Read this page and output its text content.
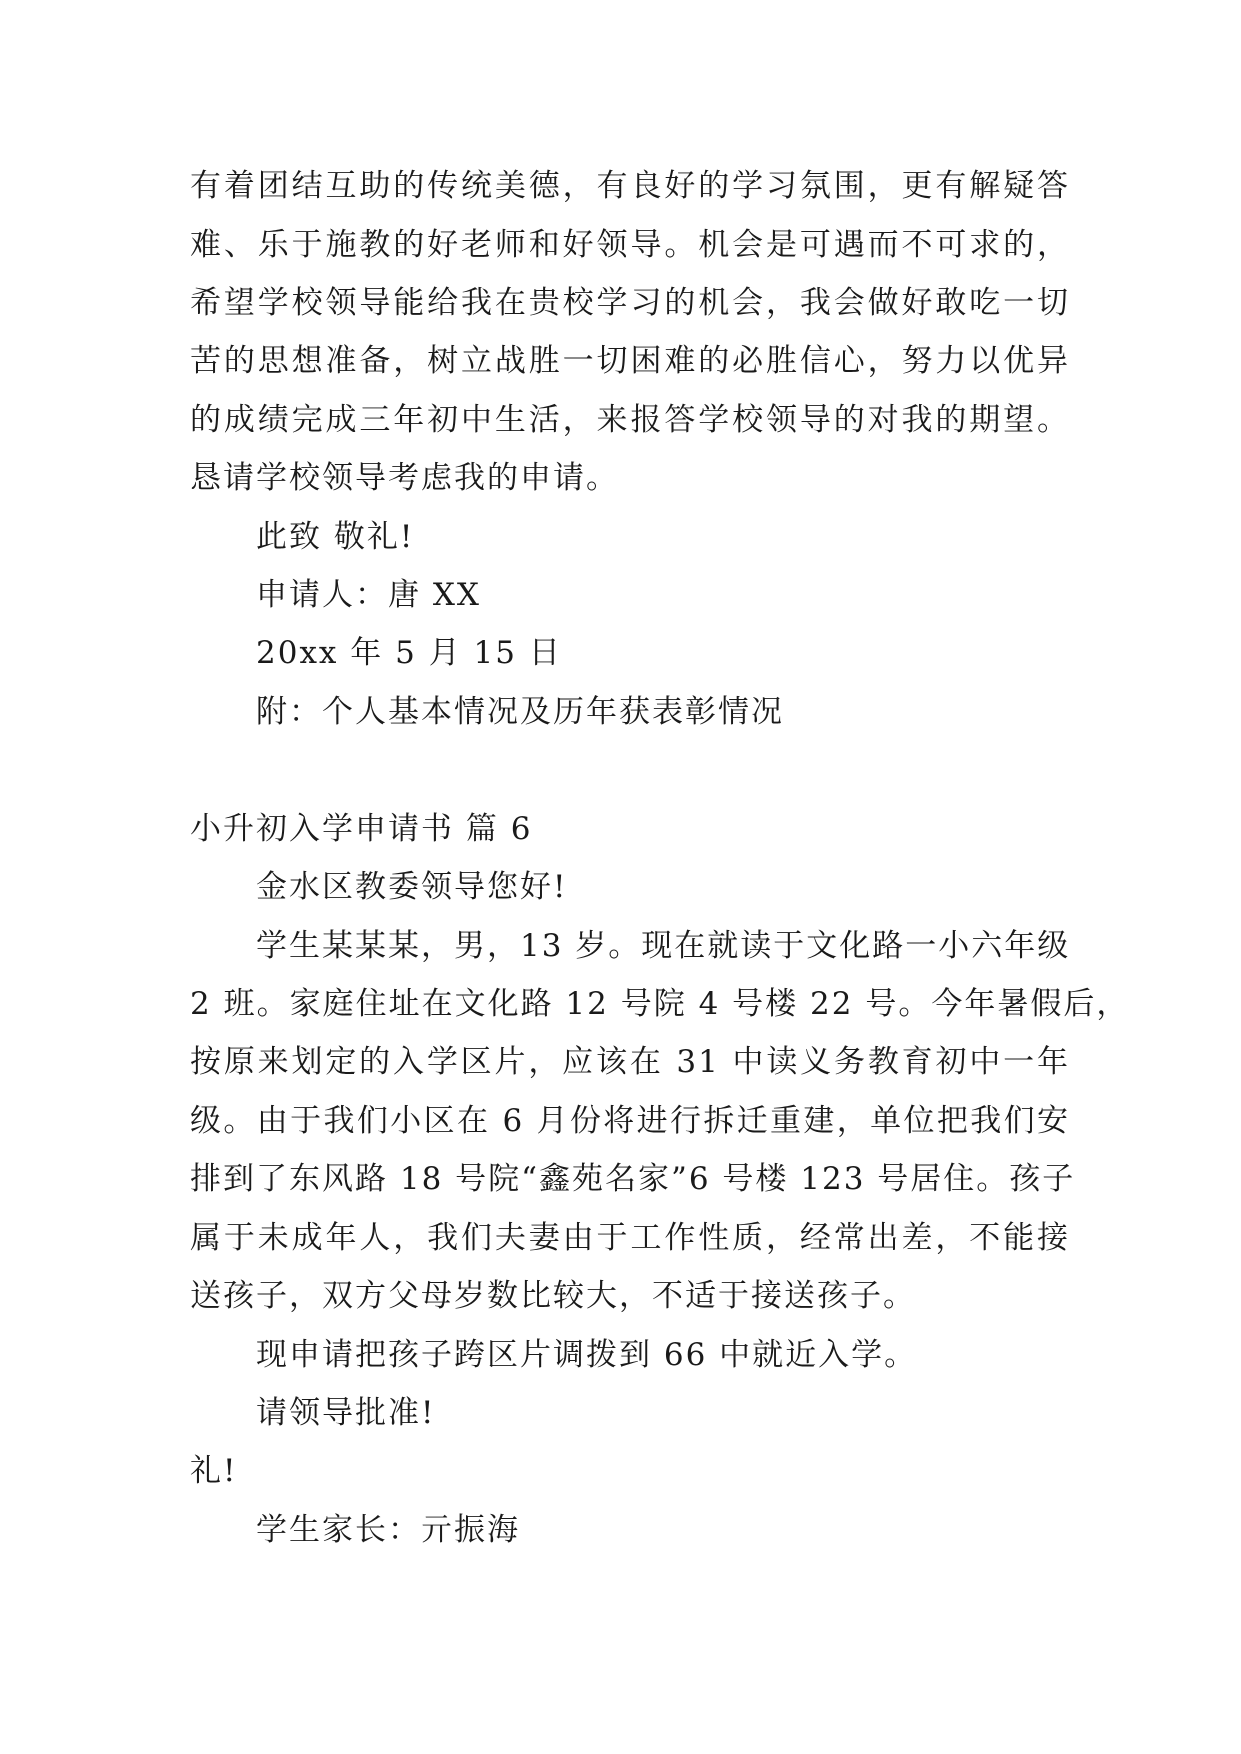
有着团结互助的传统美德，有良好的学习氛围，更有解疑答
难、乐于施教的好老师和好领导。机会是可遇而不可求的，
希望学校领导能给我在贵校学习的机会，我会做好敢吃一切
苦的思想准备，树立战胜一切困难的必胜信心，努力以优异
的成绩完成三年初中生活，来报答学校领导的对我的期望。
恳请学校领导考虑我的申请。
此致 敬礼!
申请人：唐 XX
20xx 年 5 月 15 日
附：个人基本情况及历年获表彰情况
小升初入学申请书 篇 6
金水区教委领导您好!
学生某某某，男，13 岁。现在就读于文化路一小六年级
2 班。家庭住址在文化路 12 号院 4 号楼 22 号。今年暑假后，
按原来划定的入学区片，应该在 31 中读义务教育初中一年
级。由于我们小区在 6 月份将进行拆迁重建，单位把我们安
排到了东风路 18 号院“鑫苑名家”6 号楼 123 号居住。孩子
属于未成年人，我们夫妻由于工作性质，经常出差，不能接
送孩子，双方父母岁数比较大，不适于接送孩子。
现申请把孩子跨区片调拨到 66 中就近入学。
请领导批准!
礼!
学生家长：亓振海
